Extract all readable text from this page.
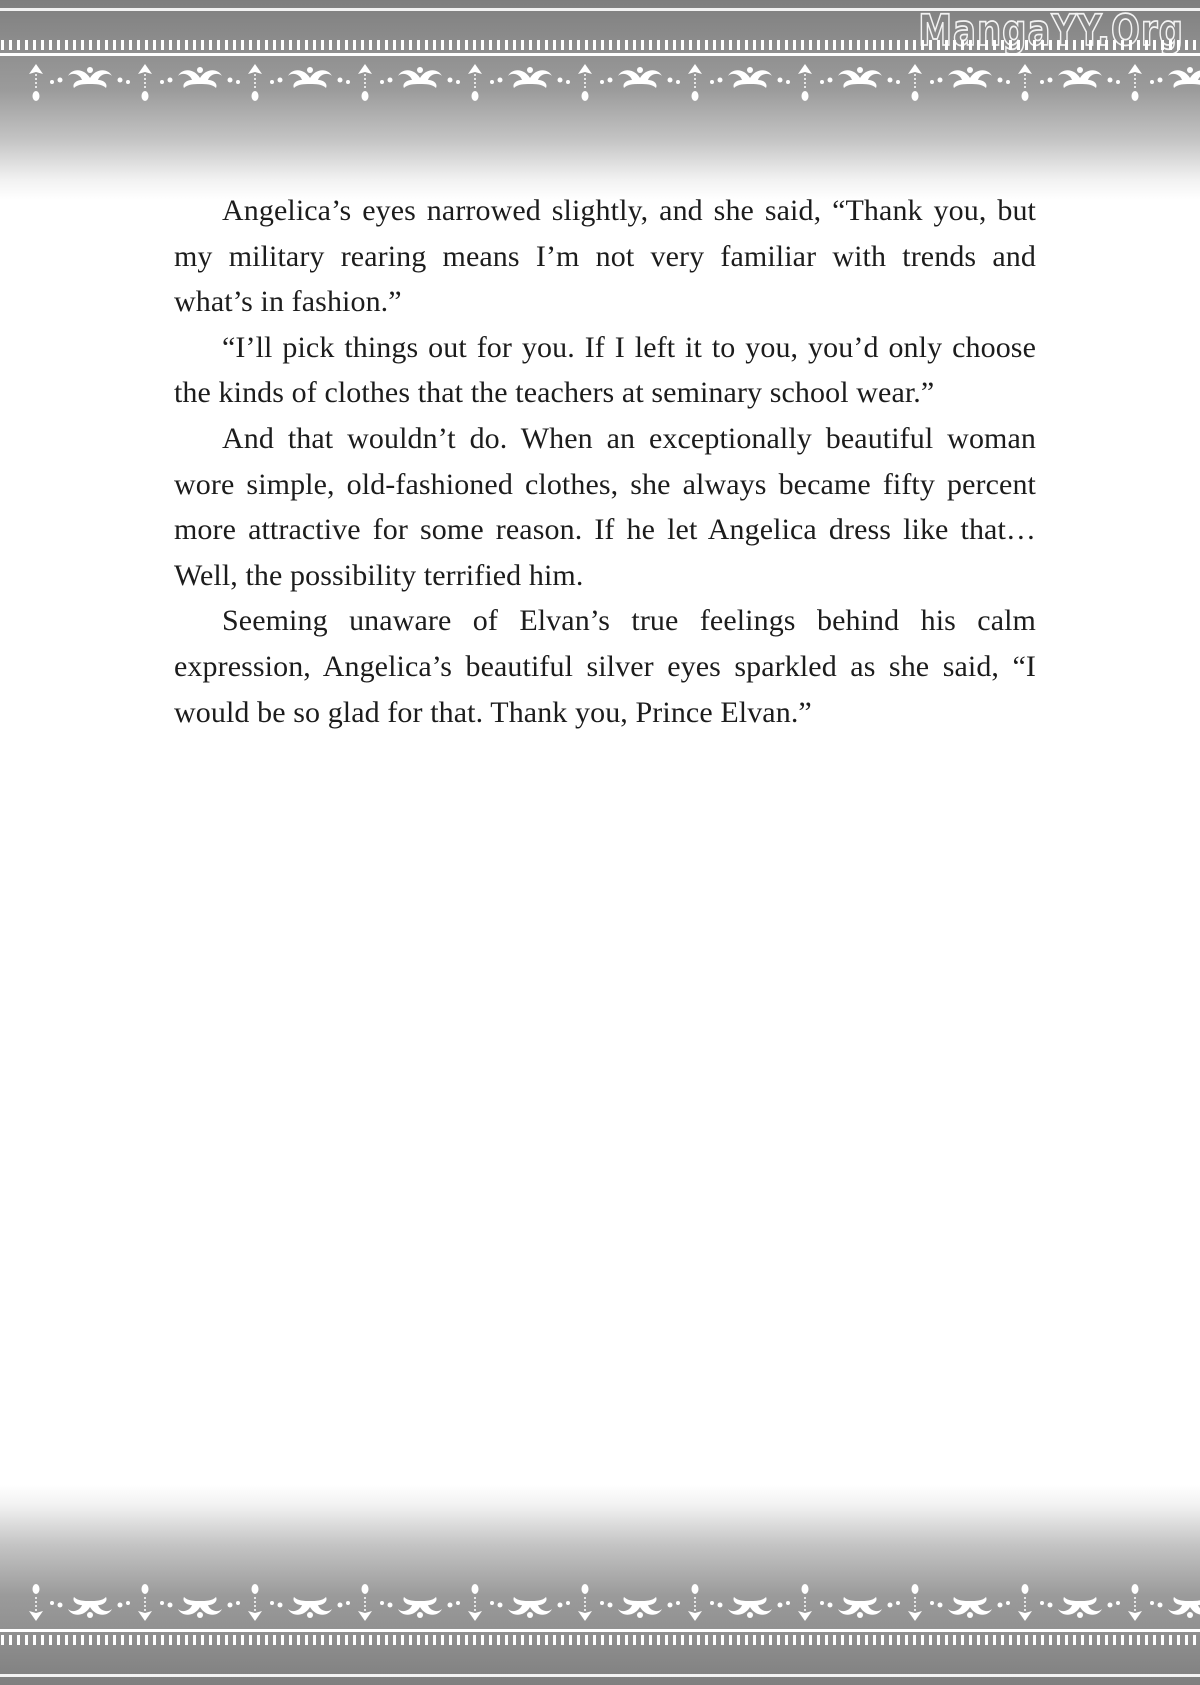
MangaYY.Org

Angelica’s eyes narrowed slightly, and she said, “Thank you, but my military rearing means I’m not very familiar with trends and what’s in fashion.”

“I’ll pick things out for you. If I left it to you, you’d only choose the kinds of clothes that the teachers at seminary school wear.”

And that wouldn’t do. When an exceptionally beautiful woman wore simple, old-fashioned clothes, she always became fifty percent more attractive for some reason. If he let Angelica dress like that… Well, the possibility terrified him.

Seeming unaware of Elvan’s true feelings behind his calm expression, Angelica’s beautiful silver eyes sparkled as she said, “I would be so glad for that. Thank you, Prince Elvan.”
